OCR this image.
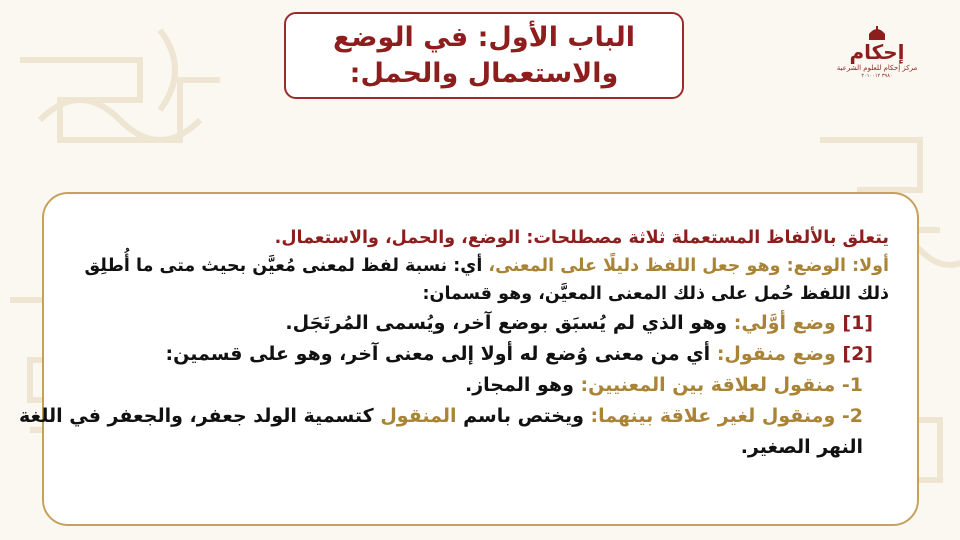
الباب الأول: في الوضع
والاستعمال والحمل:
إحكام
مركز إحكام للعلوم الشرعية
٣٩٨٠ ٢٠١٠٠١٢
يتعلق بالألفاظ المستعملة ثلاثة مصطلحات: الوضع، والحمل، والاستعمال.
أولا: الوضع: وهو جعل اللفظ دليلًا على المعنى، أي: نسبة لفظ لمعنى مُعيَّن بحيث متى ما أُطلِق
ذلك اللفظ حُمل على ذلك المعنى المعيَّن، وهو قسمان:
[1] وضع أوَّلي: وهو الذي لم يُسبَق بوضع آخر، ويُسمى المُرتَجَل.
[2] وضع منقول: أي من معنى وُضع له أولا إلى معنى آخر، وهو على قسمين:
1- منقول لعلاقة بين المعنيين: وهو المجاز.
2- ومنقول لغير علاقة بينهما: ويختص باسم المنقول كتسمية الولد جعفر، والجعفر في اللغة
النهر الصغير.
